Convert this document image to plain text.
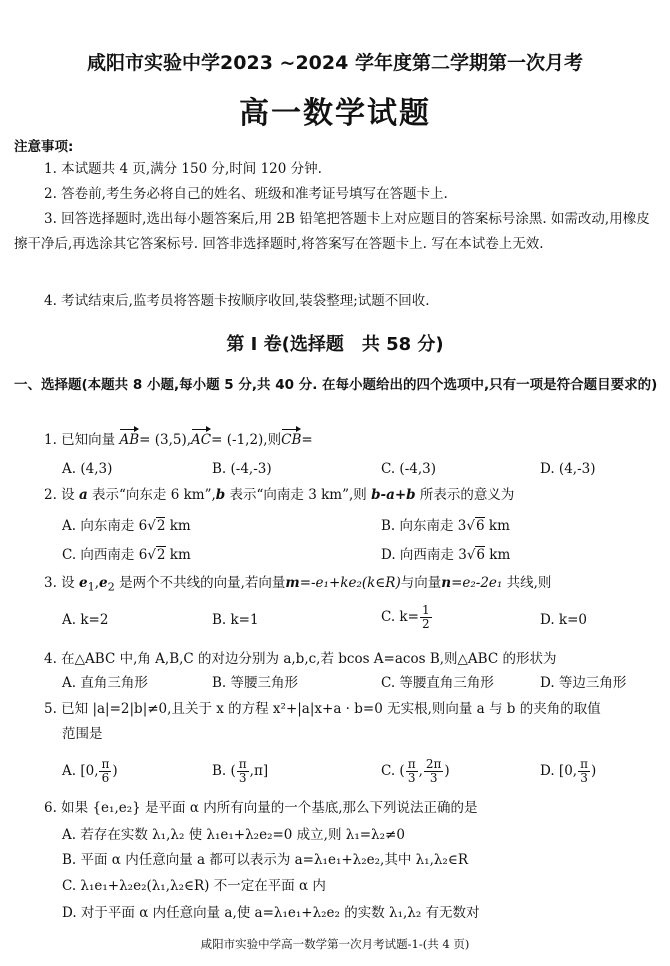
咸阳市实验中学2023 ~2024 学年度第二学期第一次月考
高一数学试题
注意事项:
1. 本试题共 4 页,满分 150 分,时间 120 分钟.
2. 答卷前,考生务必将自己的姓名、班级和准考证号填写在答题卡上.
3. 回答选择题时,选出每小题答案后,用 2B 铅笔把答题卡上对应题目的答案标号涂黑. 如需改动,用橡皮擦干净后,再选涂其它答案标号. 回答非选择题时,将答案写在答题卡上. 写在本试卷上无效.
4. 考试结束后,监考员将答题卡按顺序收回,装袋整理;试题不回收.
第 Ⅰ 卷(选择题　共 58 分)
一、选择题(本题共 8 小题,每小题 5 分,共 40 分. 在每小题给出的四个选项中,只有一项是符合题目要求的)
1. 已知向量 AB= (3,5),AC= (-1,2),则CB=
A. (4,3)	B. (-4,-3)	C. (-4,3)	D. (4,-3)
2. 设 a 表示“向东走 6 km”,b 表示“向南走 3 km”,则 b-a+b 所表示的意义为
A. 向东南走 6√2 km	B. 向东南走 3√6 km
C. 向西南走 6√2 km	D. 向西南走 3√6 km
3. 设 $e_1,e_2$ 是两个不共线的向量,若向量m=-e₁+ke₂(k∈R)与向量n=e₂-2e₁ 共线,则
A. k=2	B. k=1	C. $k= \frac{1}{2}$	D. k=0
4. 在△ABC 中,角 A,B,C 的对边分别为 a,b,c,若 bcos A=acos B,则△ABC 的形状为
A. 直角三角形	B. 等腰三角形	C. 等腰直角三角形	D. 等边三角形
5. 已知 |a|=2|b|≠0,且关于 x 的方程 x²+|a|x+a · b=0 无实根,则向量 a 与 b 的夹角的取值
范围是
A. [0, $\frac{\pi}{6}$ )	B. ( $\frac{\pi}{3} ,\pi$]	C. ( $\frac{\pi}{3}$ , $\frac{2\pi}{3}$ )	D. [0, $\frac{\pi}{3}$ )
6. 如果 {e₁,e₂} 是平面 α 内所有向量的一个基底,那么下列说法正确的是
A. 若存在实数 λ₁,λ₂ 使 λ₁e₁+λ₂e₂=0 成立,则 λ₁=λ₂≠0
B. 平面 α 内任意向量 a 都可以表示为 a=λ₁e₁+λ₂e₂,其中 λ₁,λ₂∈R
C. λ₁e₁+λ₂e₂(λ₁,λ₂∈R) 不一定在平面 α 内
D. 对于平面 α 内任意向量 a,使 a=λ₁e₁+λ₂e₂ 的实数 λ₁,λ₂ 有无数对
咸阳市实验中学高一数学第一次月考试题-1-(共 4 页)
